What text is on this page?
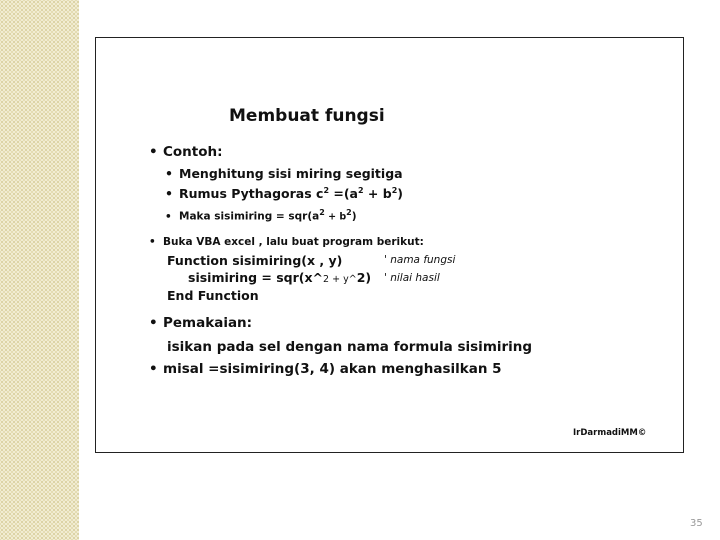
Membuat fungsi
• Contoh:
• Menghitung sisi miring segitiga
• Rumus Pythagoras $c^2 =(a^2 + b^2)$
• Maka sisimiring = $sqr(a^2 + b^2)$
• Buka VBA excel , lalu buat program berikut:
Function sisimiring(x , y)	' nama fungsi
sisimiring = sqr(x^2 + y^2) ' nilai hasil
End Function
• Pemakaian:
isikan pada sel dengan nama formula sisimiring
• misal =sisimiring(3, 4) akan menghasilkan 5
IrDarmadiMM©
35
